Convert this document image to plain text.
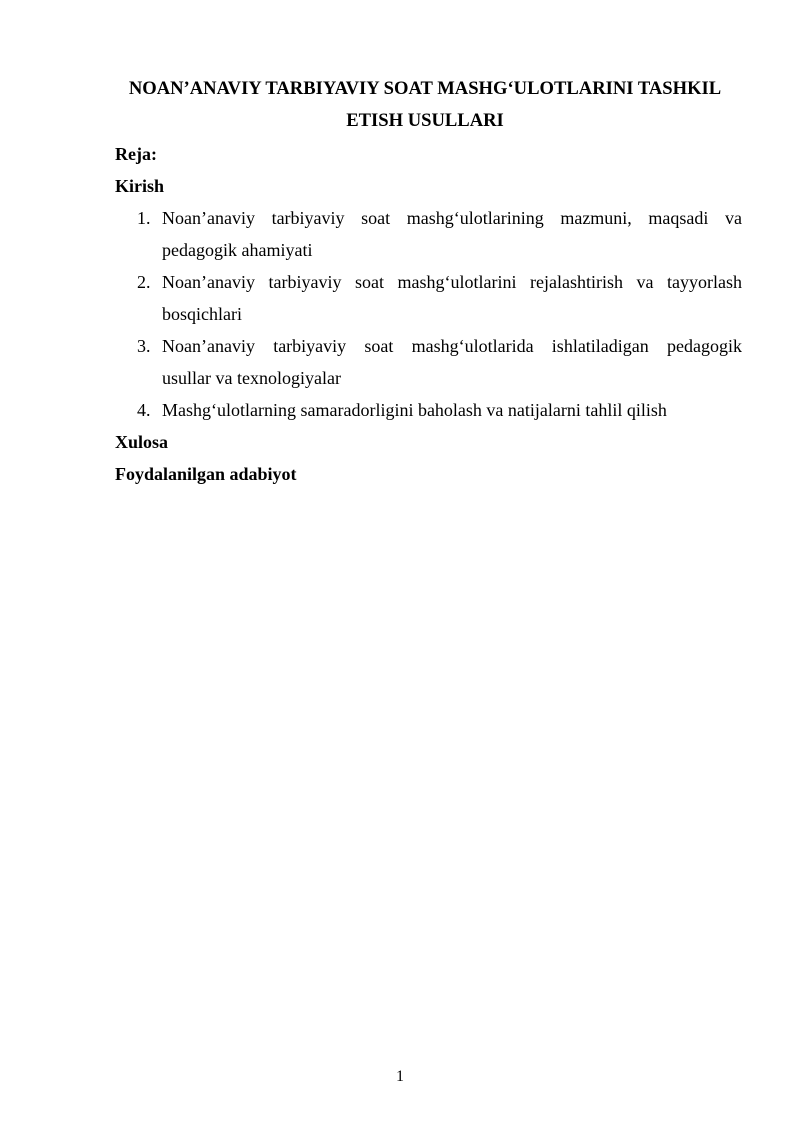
NOAN’ANAVIY TARBIYAVIY SOAT MASHG‘ULOTLARINI TASHKIL
ETISH USULLARI

Reja:

Kirish

1. Noan’anaviy tarbiyaviy soat mashg‘ulotlarining mazmuni, maqsadi va
pedagogik ahamiyati
2. Noan’anaviy tarbiyaviy soat mashg‘ulotlarini rejalashtirish va tayyorlash
bosqichlari
3. Noan’anaviy tarbiyaviy soat mashg‘ulotlarida ishlatiladigan pedagogik
usullar va texnologiyalar
4. Mashg‘ulotlarning samaradorligini baholash va natijalarni tahlil qilish

Xulosa

Foydalanilgan adabiyot

1
